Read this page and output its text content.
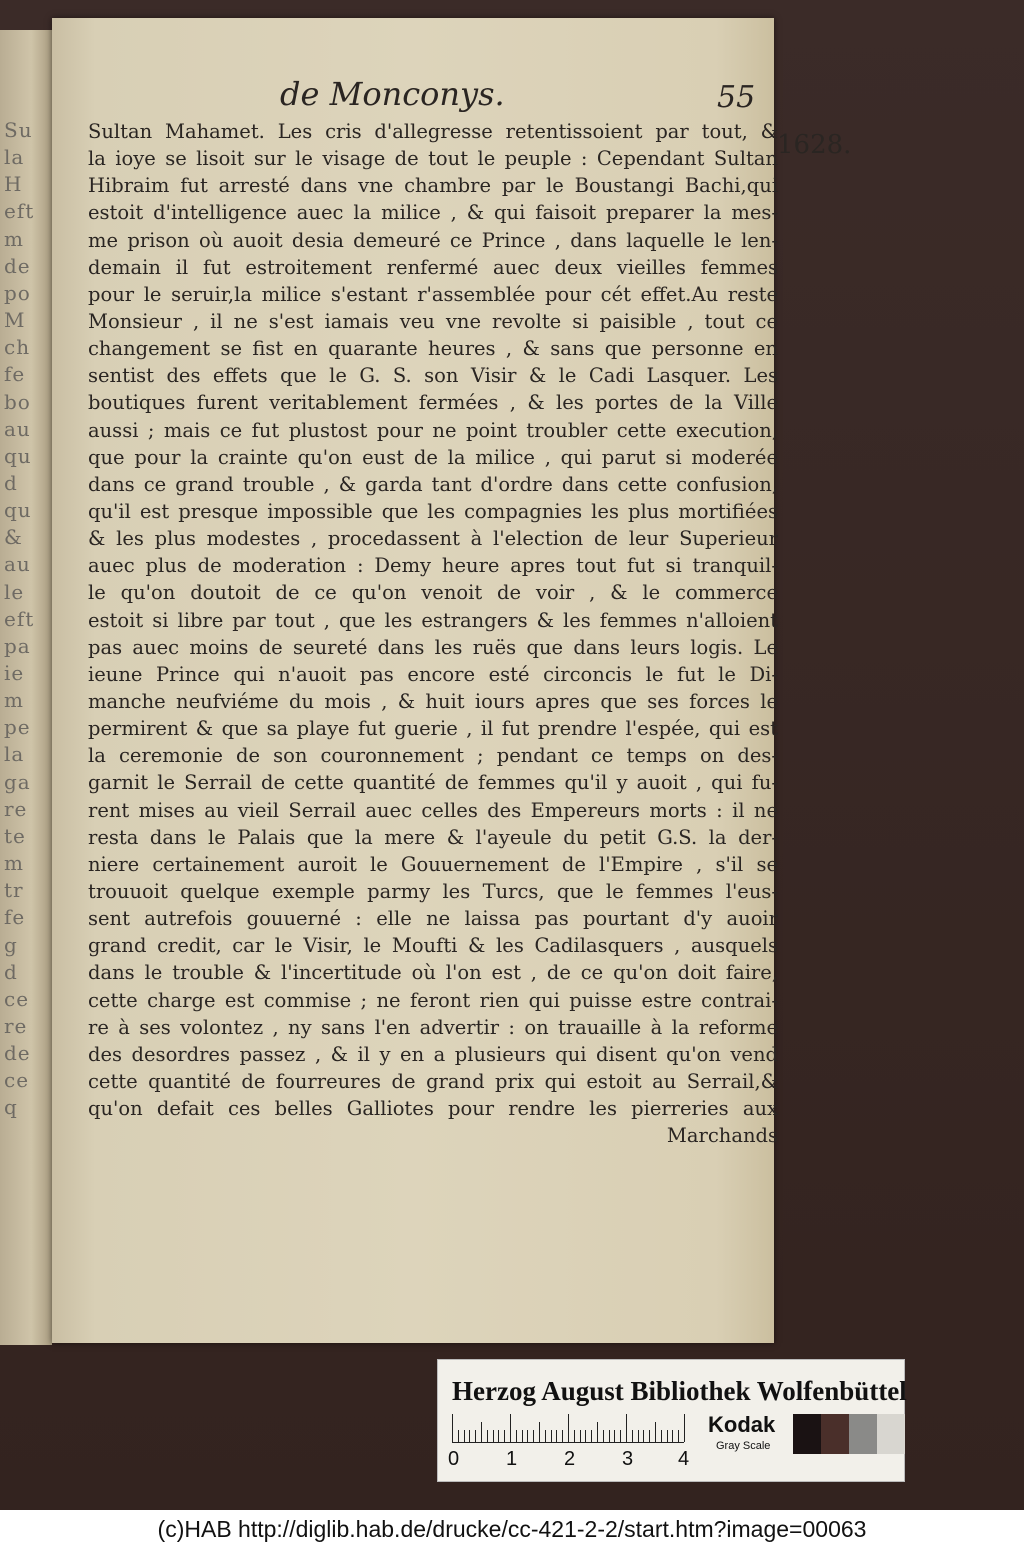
Su
la
H
eft
m
de
po
M
ch
fe
bo
au
qu
d
qu
&
au
le
eft
pa
ie
m
pe
la
ga
re
te
m
tr
fe
g
d
ce
re
de
ce
q
de Monconys.	55
1628.
Sultan Mahamet. Les cris d'allegresse retentissoient par tout, &
la ioye se lisoit sur le visage de tout le peuple : Cependant Sultan
Hibraim fut arresté dans vne chambre par le Boustangi Bachi,qui
estoit d'intelligence auec la milice , & qui faisoit preparer la mes-
me prison où auoit desia demeuré ce Prince , dans laquelle le len-
demain il fut estroitement renfermé auec deux vieilles femmes
pour le seruir,la milice s'estant r'assemblée pour cét effet.Au reste
Monsieur , il ne s'est iamais veu vne revolte si paisible , tout ce
changement se fist en quarante heures , & sans que personne en
sentist des effets que le G. S. son Visir & le Cadi Lasquer. Les
boutiques furent veritablement fermées , & les portes de la Ville
aussi ; mais ce fut plustost pour ne point troubler cette execution,
que pour la crainte qu'on eust de la milice , qui parut si moderée
dans ce grand trouble , & garda tant d'ordre dans cette confusion,
qu'il est presque impossible que les compagnies les plus mortifiées
& les plus modestes , procedassent à l'election de leur Superieur
auec plus de moderation : Demy heure apres tout fut si tranquil-
le qu'on doutoit de ce qu'on venoit de voir , & le commerce
estoit si libre par tout , que les estrangers & les femmes n'alloient
pas auec moins de seureté dans les ruës que dans leurs logis. Le
ieune Prince qui n'auoit pas encore esté circoncis le fut le Di-
manche neufviéme du mois , & huit iours apres que ses forces le
permirent & que sa playe fut guerie , il fut prendre l'espée, qui est
la ceremonie de son couronnement ; pendant ce temps on des-
garnit le Serrail de cette quantité de femmes qu'il y auoit , qui fu-
rent mises au vieil Serrail auec celles des Empereurs morts : il ne
resta dans le Palais que la mere & l'ayeule du petit G.S. la der-
niere certainement auroit le Gouuernement de l'Empire , s'il se
trouuoit quelque exemple parmy les Turcs, que le femmes l'eus-
sent autrefois gouuerné : elle ne laissa pas pourtant d'y auoir
grand credit, car le Visir, le Moufti & les Cadilasquers , ausquels
dans le trouble & l'incertitude où l'on est , de ce qu'on doit faire,
cette charge est commise ; ne feront rien qui puisse estre contrai-
re à ses volontez , ny sans l'en advertir : on trauaille à la reforme
des desordres passez , & il y en a plusieurs qui disent qu'on vend
cette quantité de fourreures de grand prix qui estoit au Serrail,&
qu'on defait ces belles Galliotes pour rendre les pierreries aux
Marchands
Herzog August Bibliothek Wolfenbüttel
0 1 2 3 4
Kodak
Gray Scale
(c)HAB http://diglib.hab.de/drucke/cc-421-2-2/start.htm?image=00063
